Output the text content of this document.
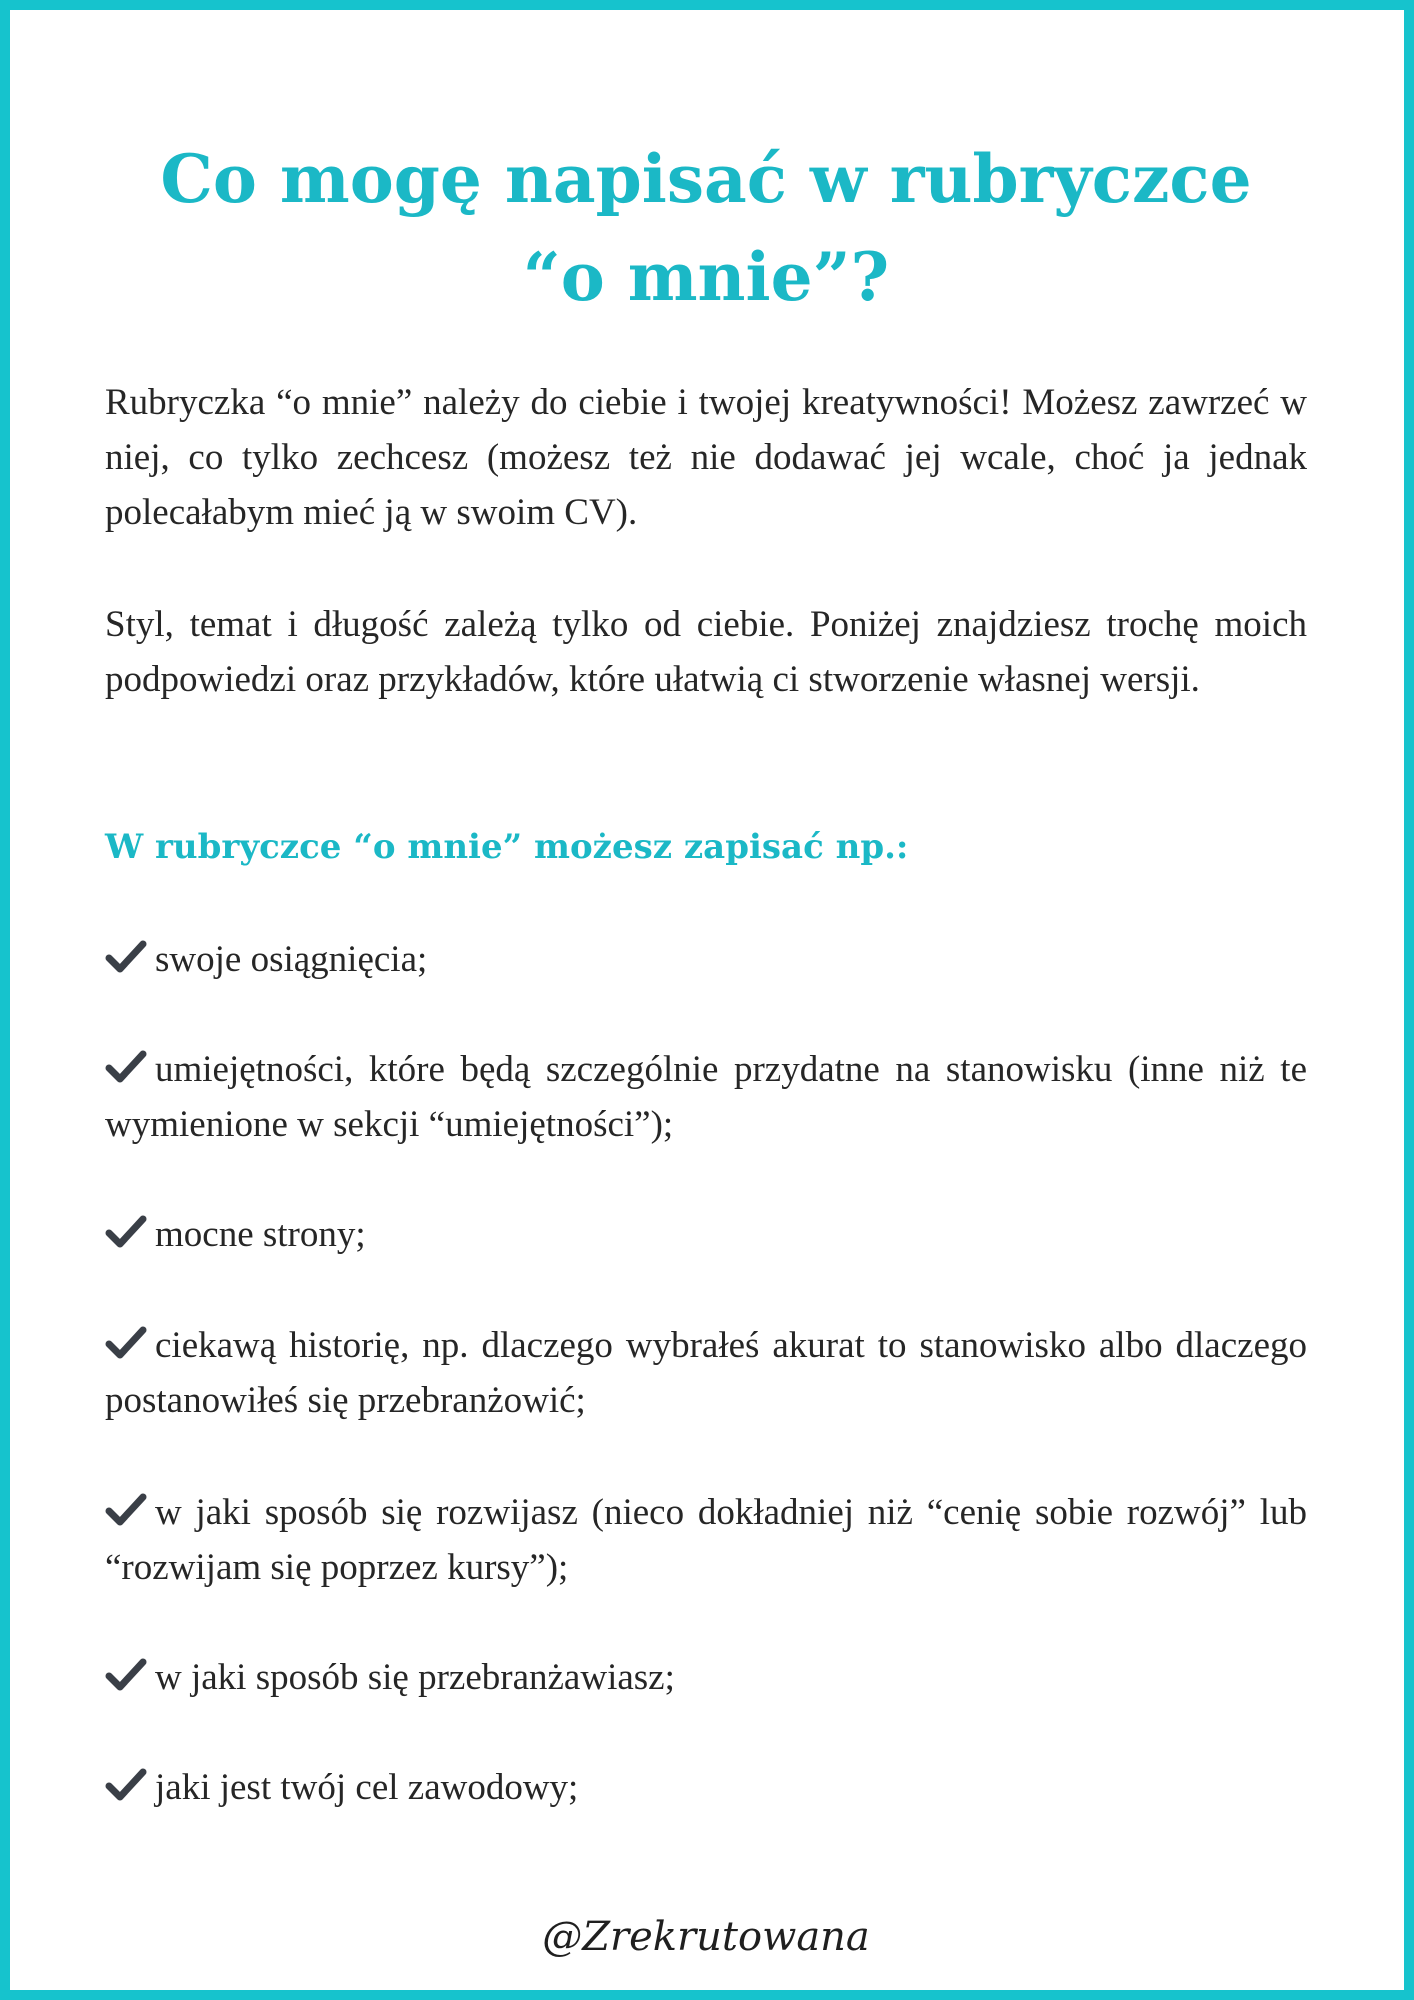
Co mogę napisać w rubryczce
“o mnie”?

Rubryczka “o mnie” należy do ciebie i twojej kreatywności! Możesz zawrzeć w niej, co tylko zechcesz (możesz też nie dodawać jej wcale, choć ja jednak polecałabym mieć ją w swoim CV).

Styl, temat i długość zależą tylko od ciebie. Poniżej znajdziesz trochę moich podpowiedzi oraz przykładów, które ułatwią ci stworzenie własnej wersji.

W rubryczce “o mnie” możesz zapisać np.:

swoje osiągnięcia;

umiejętności, które będą szczególnie przydatne na stanowisku (inne niż te wymienione w sekcji “umiejętności”);

mocne strony;

ciekawą historię, np. dlaczego wybrałeś akurat to stanowisko albo dlaczego postanowiłeś się przebranżowić;

w jaki sposób się rozwijasz (nieco dokładniej niż “cenię sobie rozwój” lub “rozwijam się poprzez kursy”);

w jaki sposób się przebranżawiasz;

jaki jest twój cel zawodowy;

@Zrekrutowana
